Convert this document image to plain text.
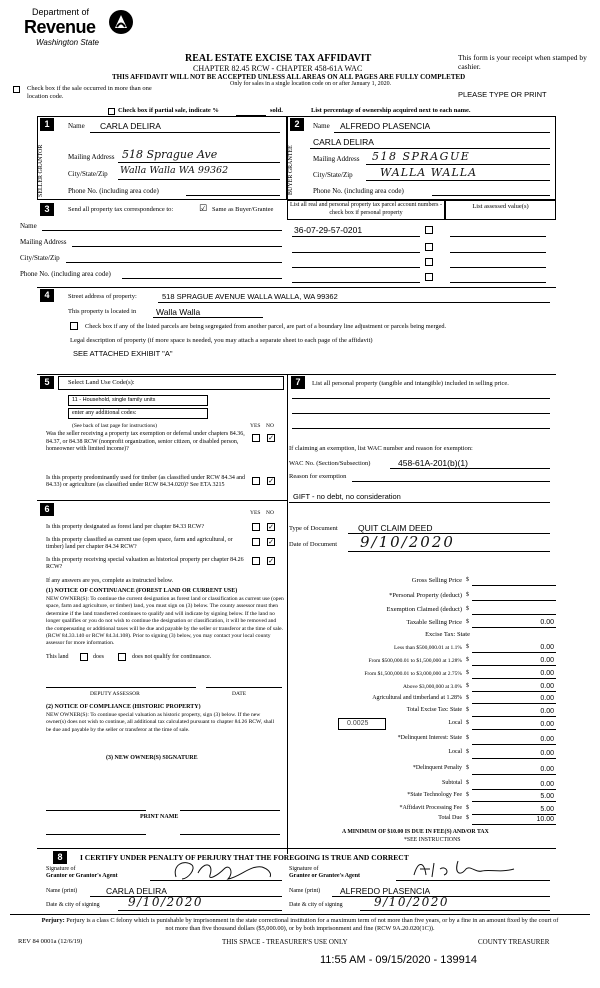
Department of
Revenue
Washington State
REAL ESTATE EXCISE TAX AFFIDAVIT
CHAPTER 82.45 RCW - CHAPTER 458-61A WAC
This form is your receipt when stamped by cashier.
THIS AFFIDAVIT WILL NOT BE ACCEPTED UNLESS ALL AREAS ON ALL PAGES ARE FULLY COMPLETED
Only for sales in a single location code on or after January 1, 2020.
Check box if the sale occurred in more than one location code.	PLEASE TYPE OR PRINT
Check box if partial sale, indicate %	sold.	List percentage of ownership acquired next to each name.
1	2
SELLER GRANTOR	BUYER GRANTEE
Name CARLA DELIRA
Mailing Address 518 Sprague Ave
City/State/Zip Walla Walla WA 99362
Phone No. (including area code)
Name ALFREDO PLASENCIA
CARLA DELIRA
Mailing Address 518 SPRAGUE
City/State/Zip WALLA WALLA
Phone No. (including area code)
3	Send all property tax correspondence to:	☑ Same as Buyer/Grantee
List all real and personal property tax parcel account numbers - check box if personal property
List assessed value(s)
Name
Mailing Address
City/State/Zip
Phone No. (including area code)
36-07-29-57-0201
4	Street address of property:	518 SPRAGUE AVENUE WALLA WALLA, WA 99362
This property is located in Walla Walla
Check box if any of the listed parcels are being segregated from another parcel, are part of a boundary line adjustment or parcels being merged.
Legal description of property (if more space is needed, you may attach a separate sheet to each page of the affidavit)
SEE ATTACHED EXHIBIT "A"
5	Select Land Use Code(s):
11 - Household, single family units
enter any additional codes:
(See back of last page for instructions)	YES NO
Was the seller receiving a property tax exemption or deferral under chapters 84.36, 84.37, or 84.38 RCW (nonprofit organization, senior citizen, or disabled person, homeowner with limited income)?
✓
Is this property predominantly used for timber (as classified under RCW 84.34 and 84.33) or agriculture (as classified under RCW 84.34.020)? See ETA 3215	✓
7	List all personal property (tangible and intangible) included in selling price.
If claiming an exemption, list WAC number and reason for exemption:
WAC No. (Section/Subsection)	458-61A-201(b)(1)
Reason for exemption
GIFT - no debt, no consideration
Type of Document QUIT CLAIM DEED
Date of Document 9/10/2020
6	YES NO
Is this property designated as forest land per chapter 84.33 RCW?	✓
Is this property classified as current use (open space, farm and agricultural, or timber) land per chapter 84.34 RCW?
✓
Is this property receiving special valuation as historical property per chapter 84.26 RCW?
✓
If any answers are yes, complete as instructed below.
(1) NOTICE OF CONTINUANCE (FOREST LAND OR CURRENT USE)
NEW OWNER(S): To continue the current designation as forest land or classification as current use (open space, farm and agriculture, or timber) land, you must sign on (3) below. The county assessor must then determine if the land transferred continues to qualify and will indicate by signing below. If the land no longer qualifies or you do not wish to continue the designation or classification, it will be removed and the compensating or additional taxes will be due and payable by the seller or transferor at the time of sale. (RCW 84.33.140 or RCW 84.34.108). Prior to signing (3) below, you may contact your local county assessor for more information.
This land	does	does not qualify for continuance.
DEPUTY ASSESSOR	DATE
(2) NOTICE OF COMPLIANCE (HISTORIC PROPERTY)
NEW OWNER(S): To continue special valuation as historic property, sign (3) below. If the new owner(s) does not wish to continue, all additional tax calculated pursuant to chapter 84.26 RCW, shall be due and payable by the seller or transferor at the time of sale.
(3) NEW OWNER(S) SIGNATURE
PRINT NAME
Gross Selling Price $
*Personal Property (deduct) $
Exemption Claimed (deduct) $
Taxable Selling Price $	0.00
Excise Tax: State
Less than $500,000.01 at 1.1% $	0.00
From $500,000.01 to $1,500,000 at 1.28% $	0.00
From $1,500,000.01 to $3,000,000 at 2.75% $	0.00
Above $3,000,000 at 3.0% $	0.00
Agricultural and timberland at 1.28% $	0.00
Total Excise Tax: State $	0.00
0.0025	Local $	0.00
*Delinquent Interest: State $	0.00
Local $	0.00
*Delinquent Penalty $	0.00
Subtotal $	0.00
*State Technology Fee $	5.00
*Affidavit Processing Fee $	5.00
Total Due $	10.00
A MINIMUM OF $10.00 IS DUE IN FEE(S) AND/OR TAX
*SEE INSTRUCTIONS
8	I CERTIFY UNDER PENALTY OF PERJURY THAT THE FOREGOING IS TRUE AND CORRECT
Signature of
Grantor or Grantor's Agent
Signature of
Grantee or Grantee's Agent
Name (print)	CARLA DELIRA	Name (print) ALFREDO PLASENCIA
Date & city of signing 9/10/2020	Date & city of signing	9/10/2020
Perjury: Perjury is a class C felony which is punishable by imprisonment in the state correctional institution for a maximum term of not more than five years, or by a fine in an amount fixed by the court of not more than five thousand dollars ($5,000.00), or by both imprisonment and fine (RCW 9A.20.020(1C)).
REV 84 0001a (12/6/19)	THIS SPACE - TREASURER'S USE ONLY	COUNTY TREASURER
11:55 AM - 09/15/2020 - 139914
